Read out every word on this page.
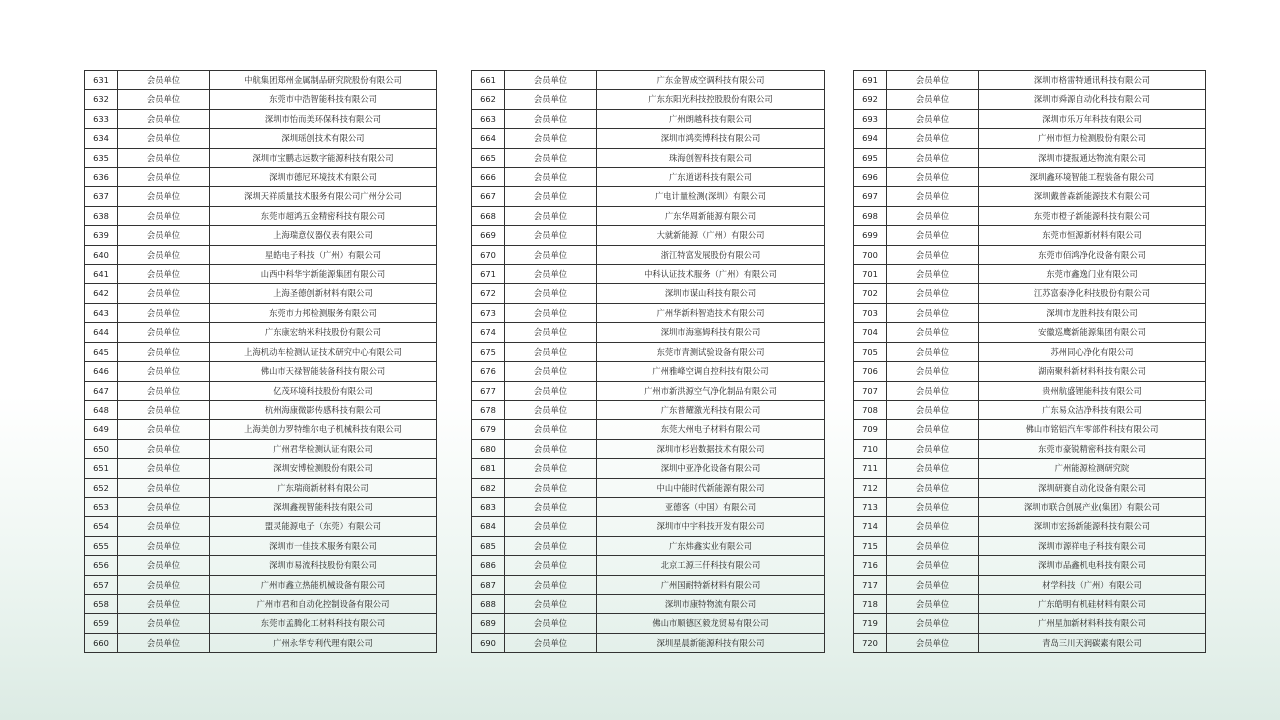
631	会员单位	中航集团郑州金属制品研究院股份有限公司
632	会员单位	东莞市中浩智能科技有限公司
633	会员单位	深圳市怡而美环保科技有限公司
634	会员单位	深圳瑶创技术有限公司
635	会员单位	深圳市宝鹏志远数字能源科技有限公司
636	会员单位	深圳市德尼环境技术有限公司
637	会员单位	深圳天祥质量技术服务有限公司广州分公司
638	会员单位	东莞市超鸿五金精密科技有限公司
639	会员单位	上海瑞意仪器仪表有限公司
640	会员单位	星皓电子科技（广州）有限公司
641	会员单位	山西中科华宇新能源集团有限公司
642	会员单位	上海圣德创新材料有限公司
643	会员单位	东莞市力邦检测服务有限公司
644	会员单位	广东康宏纳米科技股份有限公司
645	会员单位	上海机动车检测认证技术研究中心有限公司
646	会员单位	佛山市天禄智能装备科技有限公司
647	会员单位	亿茂环境科技股份有限公司
648	会员单位	杭州海康微影传感科技有限公司
649	会员单位	上海美创力罗特维尔电子机械科技有限公司
650	会员单位	广州君华检测认证有限公司
651	会员单位	深圳安博检测股份有限公司
652	会员单位	广东瑞商新材料有限公司
653	会员单位	深圳鑫视智能科技有限公司
654	会员单位	盟灵能源电子（东莞）有限公司
655	会员单位	深圳市一佳技术服务有限公司
656	会员单位	深圳市易流科技股份有限公司
657	会员单位	广州市鑫立热能机械设备有限公司
658	会员单位	广州市君和自动化控制设备有限公司
659	会员单位	东莞市孟腾化工材料科技有限公司
660	会员单位	广州永华专利代理有限公司
661	会员单位	广东金智成空调科技有限公司
662	会员单位	广东东阳光科技控股股份有限公司
663	会员单位	广州朗越科技有限公司
664	会员单位	深圳市鸿奕博科技有限公司
665	会员单位	珠海创智科技有限公司
666	会员单位	广东道诺科技有限公司
667	会员单位	广电计量检测(深圳）有限公司
668	会员单位	广东华周新能源有限公司
669	会员单位	大就新能源（广州）有限公司
670	会员单位	浙江特富发展股份有限公司
671	会员单位	中科认证技术服务（广州）有限公司
672	会员单位	深圳市谋山科技有限公司
673	会员单位	广州华新科智造技术有限公司
674	会员单位	深圳市海塞姆科技有限公司
675	会员单位	东莞市青测试验设备有限公司
676	会员单位	广州雅峰空调自控科技有限公司
677	会员单位	广州市新洪源空气净化制品有限公司
678	会员单位	广东普耀激光科技有限公司
679	会员单位	东莞大州电子材料有限公司
680	会员单位	深圳市杉岩数据技术有限公司
681	会员单位	深圳中亚净化设备有限公司
682	会员单位	中山中能时代新能源有限公司
683	会员单位	亚德客（中国）有限公司
684	会员单位	深圳市中宇科技开发有限公司
685	会员单位	广东炜鑫实业有限公司
686	会员单位	北京工源三仟科技有限公司
687	会员单位	广州国耐特新材料有限公司
688	会员单位	深圳市康特物流有限公司
689	会员单位	佛山市顺德区毅龙贸易有限公司
690	会员单位	深圳星晨新能源科技有限公司
691	会员单位	深圳市格雷特通讯科技有限公司
692	会员单位	深圳市舜源自动化科技有限公司
693	会员单位	深圳市乐万年科技有限公司
694	会员单位	广州市恒力检测股份有限公司
695	会员单位	深圳市捷报通达物流有限公司
696	会员单位	深圳鑫环境智能工程装备有限公司
697	会员单位	深圳戴普森新能源技术有限公司
698	会员单位	东莞市橙子新能源科技有限公司
699	会员单位	东莞市恒源新材料有限公司
700	会员单位	东莞市佰鸿净化设备有限公司
701	会员单位	东莞市鑫逸门业有限公司
702	会员单位	江苏富泰净化科技股份有限公司
703	会员单位	深圳市龙胜科技有限公司
704	会员单位	安徽巡鹰新能源集团有限公司
705	会员单位	苏州同心净化有限公司
706	会员单位	湖南聚科新材料科技有限公司
707	会员单位	贵州航盛锂能科技有限公司
708	会员单位	广东易众洁净科技有限公司
709	会员单位	佛山市铭铝汽车零部件科技有限公司
710	会员单位	东莞市豪锐精密科技有限公司
711	会员单位	广州能源检测研究院
712	会员单位	深圳研赛自动化设备有限公司
713	会员单位	深圳市联合创展产业(集团）有限公司
714	会员单位	深圳市宏扬新能源科技有限公司
715	会员单位	深圳市源祥电子科技有限公司
716	会员单位	深圳市品鑫机电科技有限公司
717	会员单位	材学科技（广州）有限公司
718	会员单位	广东皓明有机硅材料有限公司
719	会员单位	广州星加新材料科技有限公司
720	会员单位	青岛三川天润碳素有限公司
